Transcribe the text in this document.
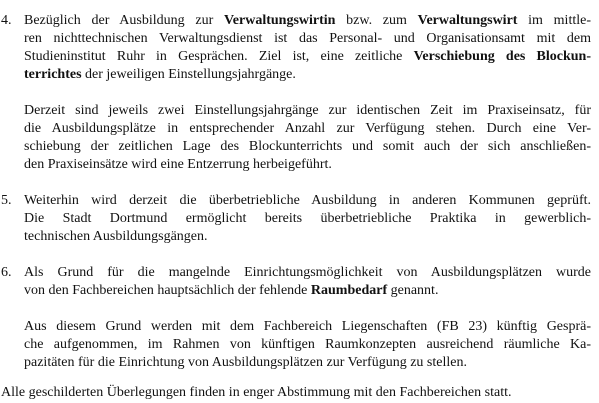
4. Bezüglich der Ausbildung zur Verwaltungswirtin bzw. zum Verwaltungswirt im mittle-
ren nichttechnischen Verwaltungsdienst ist das Personal- und Organisationsamt mit dem
Studieninstitut Ruhr in Gesprächen. Ziel ist, eine zeitliche Verschiebung des Blockun-
terrichtes der jeweiligen Einstellungsjahrgänge.

Derzeit sind jeweils zwei Einstellungsjahrgänge zur identischen Zeit im Praxiseinsatz, für
die Ausbildungsplätze in entsprechender Anzahl zur Verfügung stehen. Durch eine Ver-
schiebung der zeitlichen Lage des Blockunterrichts und somit auch der sich anschließen-
den Praxiseinsätze wird eine Entzerrung herbeigeführt.

5. Weiterhin wird derzeit die überbetriebliche Ausbildung in anderen Kommunen geprüft.
Die Stadt Dortmund ermöglicht bereits überbetriebliche Praktika in gewerblich-
technischen Ausbildungsgängen.

6. Als Grund für die mangelnde Einrichtungsmöglichkeit von Ausbildungsplätzen wurde
von den Fachbereichen hauptsächlich der fehlende Raumbedarf genannt.

Aus diesem Grund werden mit dem Fachbereich Liegenschaften (FB 23) künftig Gesprä-
che aufgenommen, im Rahmen von künftigen Raumkonzepten ausreichend räumliche Ka-
pazitäten für die Einrichtung von Ausbildungsplätzen zur Verfügung zu stellen.

Alle geschilderten Überlegungen finden in enger Abstimmung mit den Fachbereichen statt.
